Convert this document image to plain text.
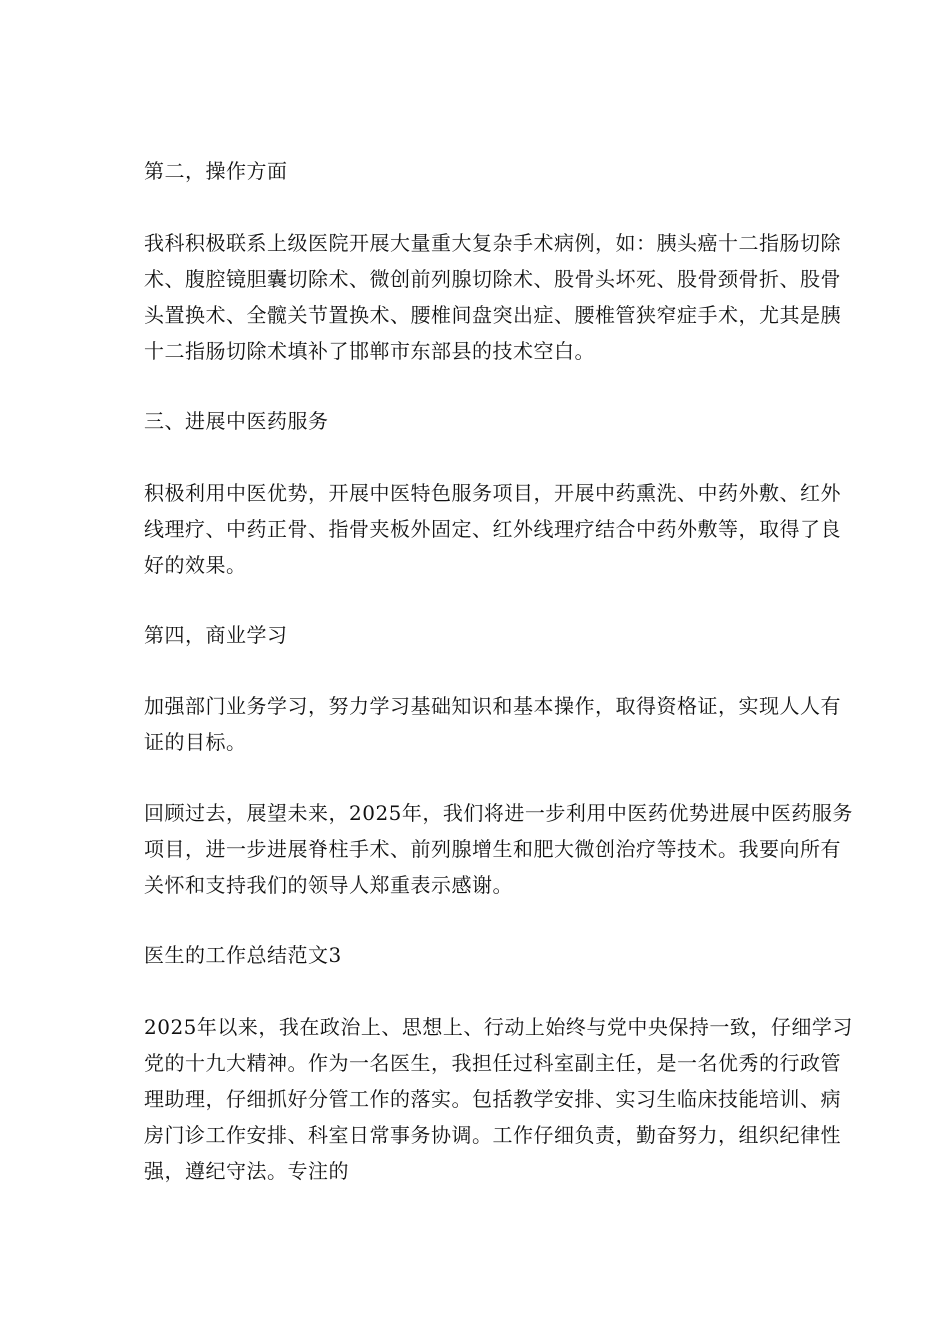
第二，操作方面
我科积极联系上级医院开展大量重大复杂手术病例，如：胰头癌十二指肠切除
术、腹腔镜胆囊切除术、微创前列腺切除术、股骨头坏死、股骨颈骨折、股骨
头置换术、全髋关节置换术、腰椎间盘突出症、腰椎管狭窄症手术，尤其是胰
十二指肠切除术填补了邯郸市东部县的技术空白。
三、进展中医药服务
积极利用中医优势，开展中医特色服务项目，开展中药熏洗、中药外敷、红外
线理疗、中药正骨、指骨夹板外固定、红外线理疗结合中药外敷等，取得了良
好的效果。
第四，商业学习
加强部门业务学习，努力学习基础知识和基本操作，取得资格证，实现人人有
证的目标。
回顾过去，展望未来，2025年，我们将进一步利用中医药优势进展中医药服务
项目，进一步进展脊柱手术、前列腺增生和肥大微创治疗等技术。我要向所有
关怀和支持我们的领导人郑重表示感谢。
医生的工作总结范文3
2025年以来，我在政治上、思想上、行动上始终与党中央保持一致，仔细学习
党的十九大精神。作为一名医生，我担任过科室副主任，是一名优秀的行政管
理助理，仔细抓好分管工作的落实。包括教学安排、实习生临床技能培训、病
房门诊工作安排、科室日常事务协调。工作仔细负责，勤奋努力，组织纪律性
强，遵纪守法。专注的
